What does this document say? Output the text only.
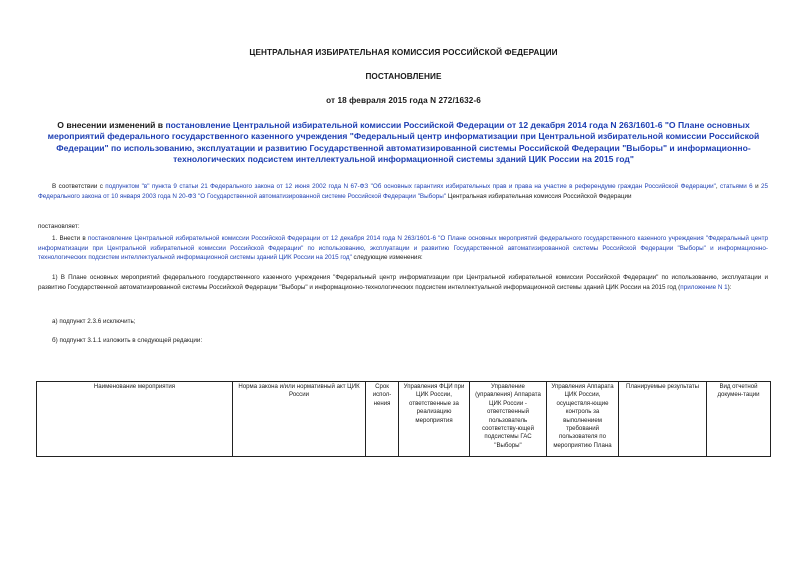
ЦЕНТРАЛЬНАЯ ИЗБИРАТЕЛЬНАЯ КОМИССИЯ РОССИЙСКОЙ ФЕДЕРАЦИИ
ПОСТАНОВЛЕНИЕ
от 18 февраля 2015 года N 272/1632-6
О внесении изменений в постановление Центральной избирательной комиссии Российской Федерации от 12 декабря 2014 года N 263/1601-6 "О Плане основных мероприятий федерального государственного казенного учреждения "Федеральный центр информатизации при Центральной избирательной комиссии Российской Федерации" по использованию, эксплуатации и развитию Государственной автоматизированной системы Российской Федерации "Выборы" и информационно-технологических подсистем интеллектуальной информационной системы зданий ЦИК России на 2015 год"
В соответствии с подпунктом "в" пункта 9 статьи 21 Федерального закона от 12 июня 2002 года N 67-ФЗ "Об основных гарантиях избирательных прав и права на участие в референдуме граждан Российской Федерации", статьями 6 и 25 Федерального закона от 10 января 2003 года N 20-ФЗ "О Государственной автоматизированной системе Российской Федерации "Выборы" Центральная избирательная комиссия Российской Федерации
постановляет:
1. Внести в постановление Центральной избирательной комиссии Российской Федерации от 12 декабря 2014 года N 263/1601-6 "О Плане основных мероприятий федерального государственного казенного учреждения "Федеральный центр информатизации при Центральной избирательной комиссии Российской Федерации" по использованию, эксплуатации и развитию Государственной автоматизированной системы Российской Федерации "Выборы" и информационно-технологических подсистем интеллектуальной информационной системы зданий ЦИК России на 2015 год" следующие изменения:
1) В Плане основных мероприятий федерального государственного казенного учреждения "Федеральный центр информатизации при Центральной избирательной комиссии Российской Федерации" по использованию, эксплуатации и развитию Государственной автоматизированной системы Российской Федерации "Выборы" и информационно-технологических подсистем интеллектуальной информационной системы зданий ЦИК России на 2015 год (приложение N 1):
а) подпункт 2.3.6 исключить;
б) подпункт 3.1.1 изложить в следующей редакции:
Наименование мероприятия	Норма закона и/или нормативный акт ЦИК России	Срок испол-нения	Управления ФЦИ при ЦИК России, ответственные за реализацию мероприятия	Управление (управления) Аппарата ЦИК России - ответственный пользователь соответству-ющей подсистемы ГАС "Выборы"	Управления Аппарата ЦИК России, осуществля-ющие контроль за выполнением требований пользователя по мероприятию Плана	Планируемые результаты	Вид отчетной докумен-тации
